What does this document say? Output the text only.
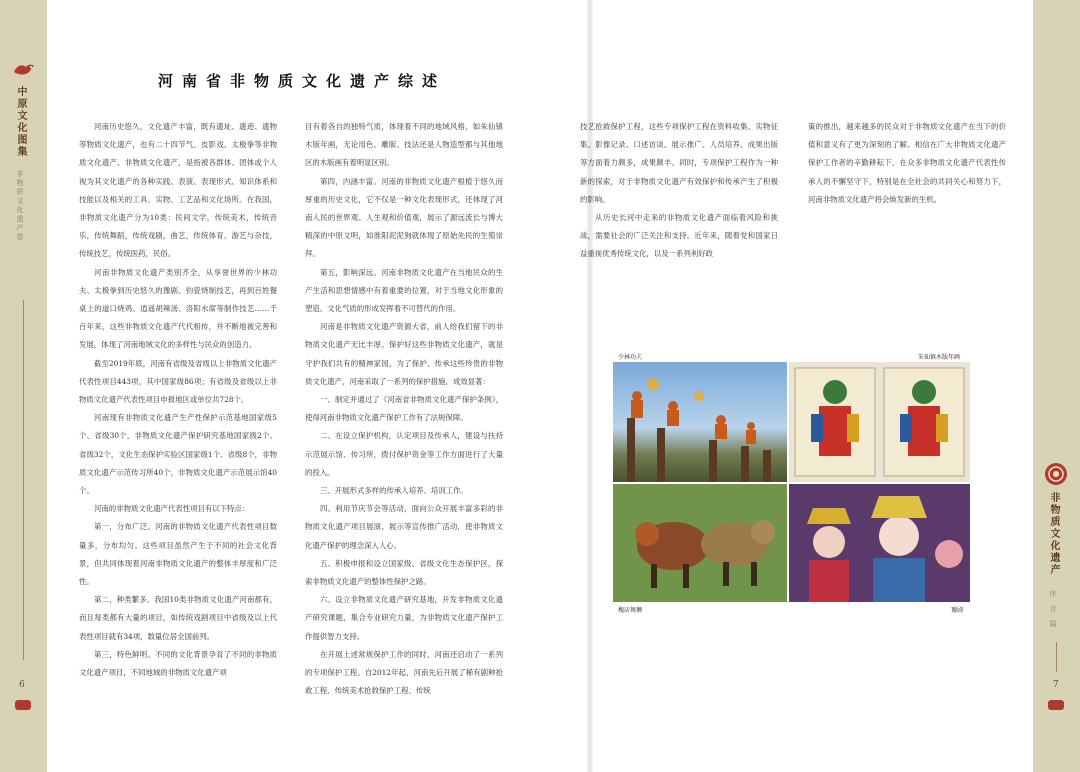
中原文化图集
非物质文化遗产卷
6
河南省非物质文化遗产综述

河南历史悠久，文化遗产丰富，既有遗址、遗迹、遗物等物质文化遗产，也有二十四节气、皮影戏、太极拳等非物质文化遗产。非物质文化遗产，是指被各群体、团体或个人视为其文化遗产的各种实践、表演、表现形式、知识体系和技能以及相关的工具、实物、工艺品和文化场所。在我国，非物质文化遗产分为10类：民间文学，传统美术，传统音乐，传统舞蹈，传统戏剧，曲艺，传统体育、游艺与杂技，传统技艺，传统医药，民俗。

河南非物质文化遗产类别齐全，从享誉世界的少林功夫、太极拳到历史悠久的豫剧、钧瓷烧制技艺，再到百姓餐桌上的道口烧鸡、逍遥胡辣汤、洛阳水席等制作技艺……千百年来，这些非物质文化遗产代代相传，并不断地被完善和发展，体现了河南地域文化的多样性与民众的创造力。

截至2019年底，河南有省级及省级以上非物质文化遗产代表性项目443项，其中国家级86项；有省级及省级以上非物质文化遗产代表性项目申报地区或单位共728个。

河南现有非物质文化遗产生产性保护示范基地国家级5个、省级30个，非物质文化遗产保护研究基地国家级2个、省级32个，文化生态保护实验区国家级1个、省级8个，非物质文化遗产示范传习所40个，非物质文化遗产示范展示馆40个。

河南的非物质文化遗产代表性项目有以下特点：

第一，分布广泛。河南的非物质文化遗产代表性项目数量多，分布均匀。这些项目虽然产生于不同的社会文化背景，但共同体现着河南非物质文化遗产的整体丰厚度和广泛性。

第二，种类繁多。我国10类非物质文化遗产河南都有，而且每类都有大量的项目，如传统戏剧项目中省级及以上代表性项目就有34项，数量位居全国前列。

第三，特色鲜明。不同的文化背景孕育了不同的非物质文化遗产项目，不同地域的非物质文化遗产项

目有着各自的独特气质，体现着不同的地域风格，如朱仙镇木版年画，无论用色、雕版、技法还是人物造型都与其他地区的木版画有着明显区别。

第四，内涵丰富。河南的非物质文化遗产根植于悠久而厚重的历史文化，它不仅是一种文化表现形式，还体现了河南人民的世界观、人生观和价值观，展示了源远流长与博大精深的中原文明，如淮阳泥泥狗就体现了原始先民的生殖崇拜。

第五，影响深远。河南非物质文化遗产在当地民众的生产生活和思想情感中有着重要的位置，对于当地文化形象的塑造、文化气质的形成发挥着不可替代的作用。

河南是非物质文化遗产资源大省，前人给我们留下的非物质文化遗产无比丰厚。保护好这些非物质文化遗产，就是守护我们共有的精神家园。为了保护、传承这些珍贵的非物质文化遗产，河南采取了一系列的保护措施，成效显著：

一、制定并通过了《河南省非物质文化遗产保护条例》，使得河南非物质文化遗产保护工作有了法规保障。

二、在设立保护机构，认定项目及传承人，建设与扶持示范展示馆、传习所，拨付保护资金等工作方面进行了大量的投入。

三、开展形式多样的传承人培养、培训工作。

四、利用节庆节会等活动，面向公众开展丰富多彩的非物质文化遗产项目展演、展示等宣传推广活动，使非物质文化遗产保护的理念深入人心。

五、积极申报和设立国家级、省级文化生态保护区，探索非物质文化遗产的整体性保护之路。

六、设立非物质文化遗产研究基地，开发非物质文化遗产研究课题，集合专业研究力量，为非物质文化遗产保护工作提供智力支持。

在开展上述常规保护工作的同时，河南还启动了一系列的专项保护工程。自2012年起，河南先后开展了稀有剧种抢救工程、传统美术抢救保护工程、传统

技艺抢救保护工程，这些专项保护工程在资料收集、实物征集、影像记录、口述访谈、展示推广、人员培养、成果出版等方面着力颇多，成果颇丰。同时，专项保护工程作为一种新的探索，对于非物质文化遗产有效保护和传承产生了积极的影响。

从历史长河中走来的非物质文化遗产面临着风险和挑战，需要社会的广泛关注和支持。近年来，随着党和国家日益重视优秀传统文化，以及一系列利好政

策的推出，越来越多的民众对于非物质文化遗产在当下的价值和意义有了更为深刻的了解。相信在广大非物质文化遗产保护工作者的辛勤耕耘下，在众多非物质文化遗产代表性传承人的不懈坚守下，特别是在全社会的共同关心和努力下，河南非物质文化遗产将会焕发新的生机。

少林功夫	朱仙镇木版年画
槐店舞狮	豫剧
非物质文化遗产
序言篇
7
